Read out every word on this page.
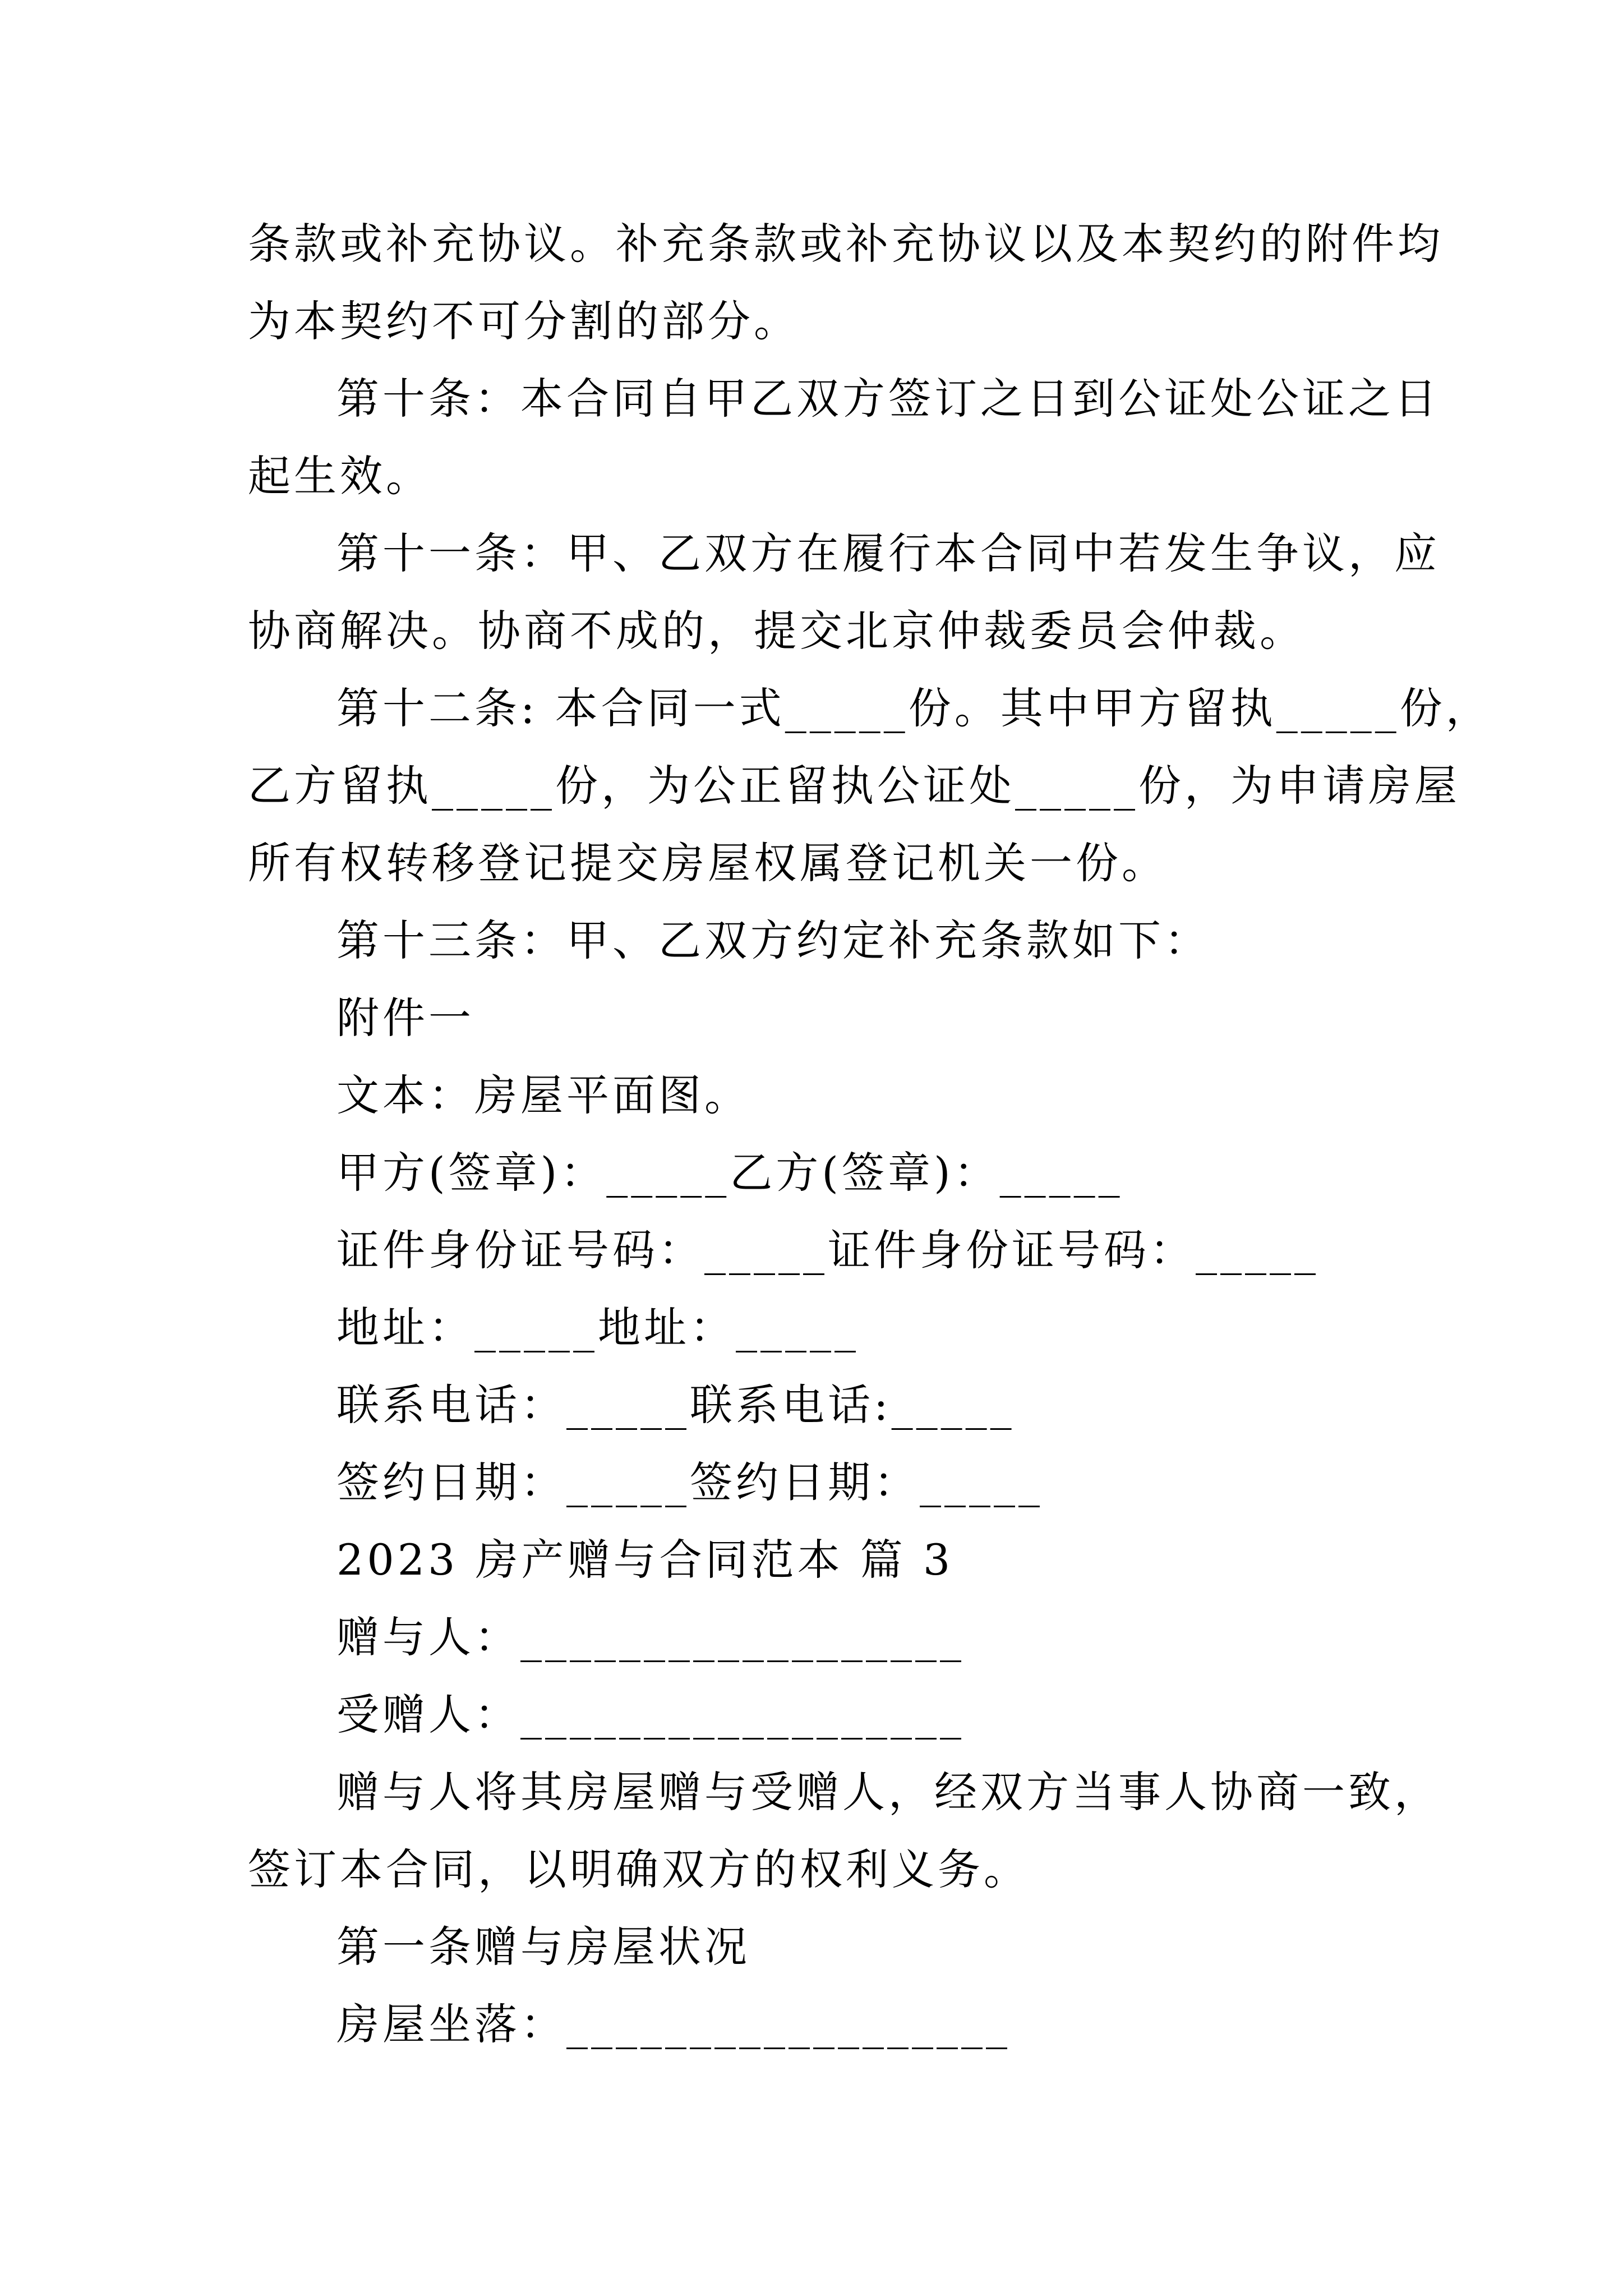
条款或补充协议。补充条款或补充协议以及本契约的附件均
为本契约不可分割的部分。
第十条：本合同自甲乙双方签订之日到公证处公证之日
起生效。
第十一条：甲、乙双方在履行本合同中若发生争议，应
协商解决。协商不成的，提交北京仲裁委员会仲裁。
第十二条: 本合同一式_____份。其中甲方留执_____份，
乙方留执_____份，为公正留执公证处_____份，为申请房屋
所有权转移登记提交房屋权属登记机关一份。
第十三条：甲、乙双方约定补充条款如下：
附件一
文本：房屋平面图。
甲方(签章)：_____乙方(签章)：_____
证件身份证号码：_____证件身份证号码：_____
地址：_____地址：_____
联系电话：_____联系电话:_____
签约日期：_____签约日期：_____
2023 房产赠与合同范本 篇 3
赠与人：__________________
受赠人：__________________
赠与人将其房屋赠与受赠人，经双方当事人协商一致，
签订本合同，以明确双方的权利义务。
第一条赠与房屋状况
房屋坐落：__________________
